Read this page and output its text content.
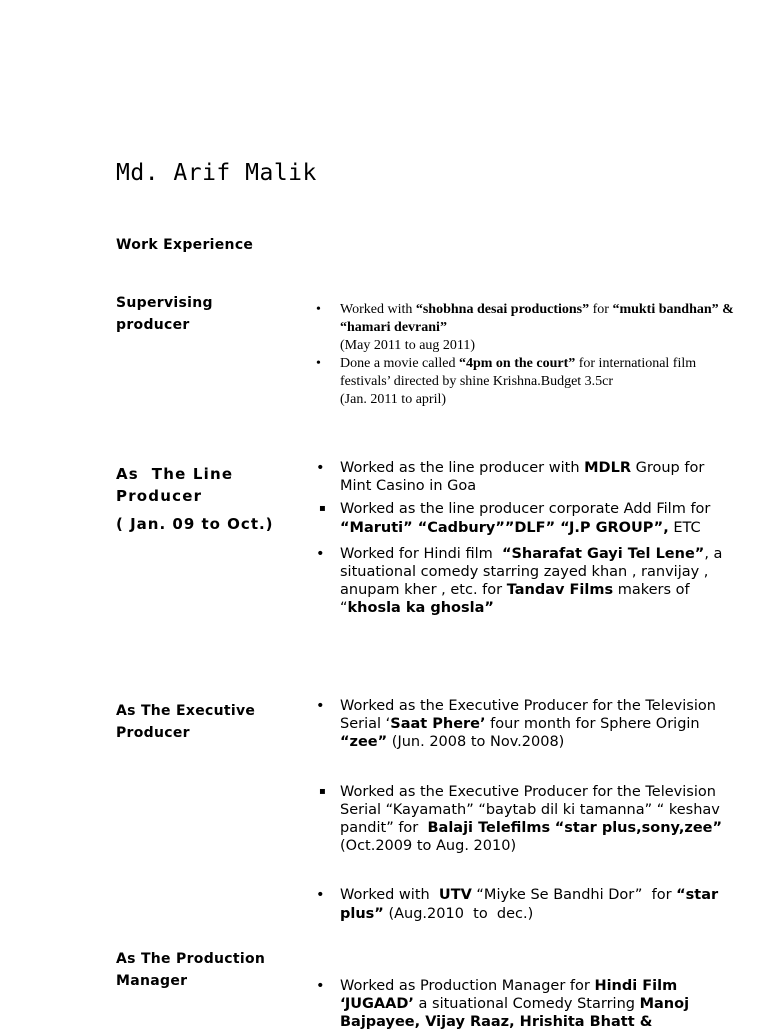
Md. Arif Malik
Work Experience
Supervising
producer
• Worked with “shobhna desai productions” for “mukti bandhan” & “hamari devrani”
(May 2011 to aug 2011)
• Done a movie called “4pm on the court” for international film festivals’ directed by shine Krishna.Budget 3.5cr
(Jan. 2011 to april)
As  The Line
Producer
( Jan. 09 to Oct.)
• Worked as the line producer with MDLR Group for Mint Casino in Goa
▪ Worked as the line producer corporate Add Film for “Maruti” “Cadbury””DLF” “J.P GROUP”, ETC
• Worked for Hindi film  “Sharafat Gayi Tel Lene”, a situational comedy starring zayed khan , ranvijay , anupam kher , etc. for Tandav Films makers of “khosla ka ghosla”
As The Executive
Producer
• Worked as the Executive Producer for the Television Serial ‘Saat Phere’ four month for Sphere Origin “zee” (Jun. 2008 to Nov.2008)
▪ Worked as the Executive Producer for the Television Serial “Kayamath” “baytab dil ki tamanna” “ keshav pandit” for  Balaji Telefilms “star plus,sony,zee” (Oct.2009 to Aug. 2010)
• Worked with  UTV “Miyke Se Bandhi Dor”  for “star plus” (Aug.2010  to  dec.)
As The Production
Manager
•	Worked as Production Manager for Hindi Film ‘JUGAAD’ a situational Comedy Starring Manoj Bajpayee, Vijay Raaz, Hrishita Bhatt &
